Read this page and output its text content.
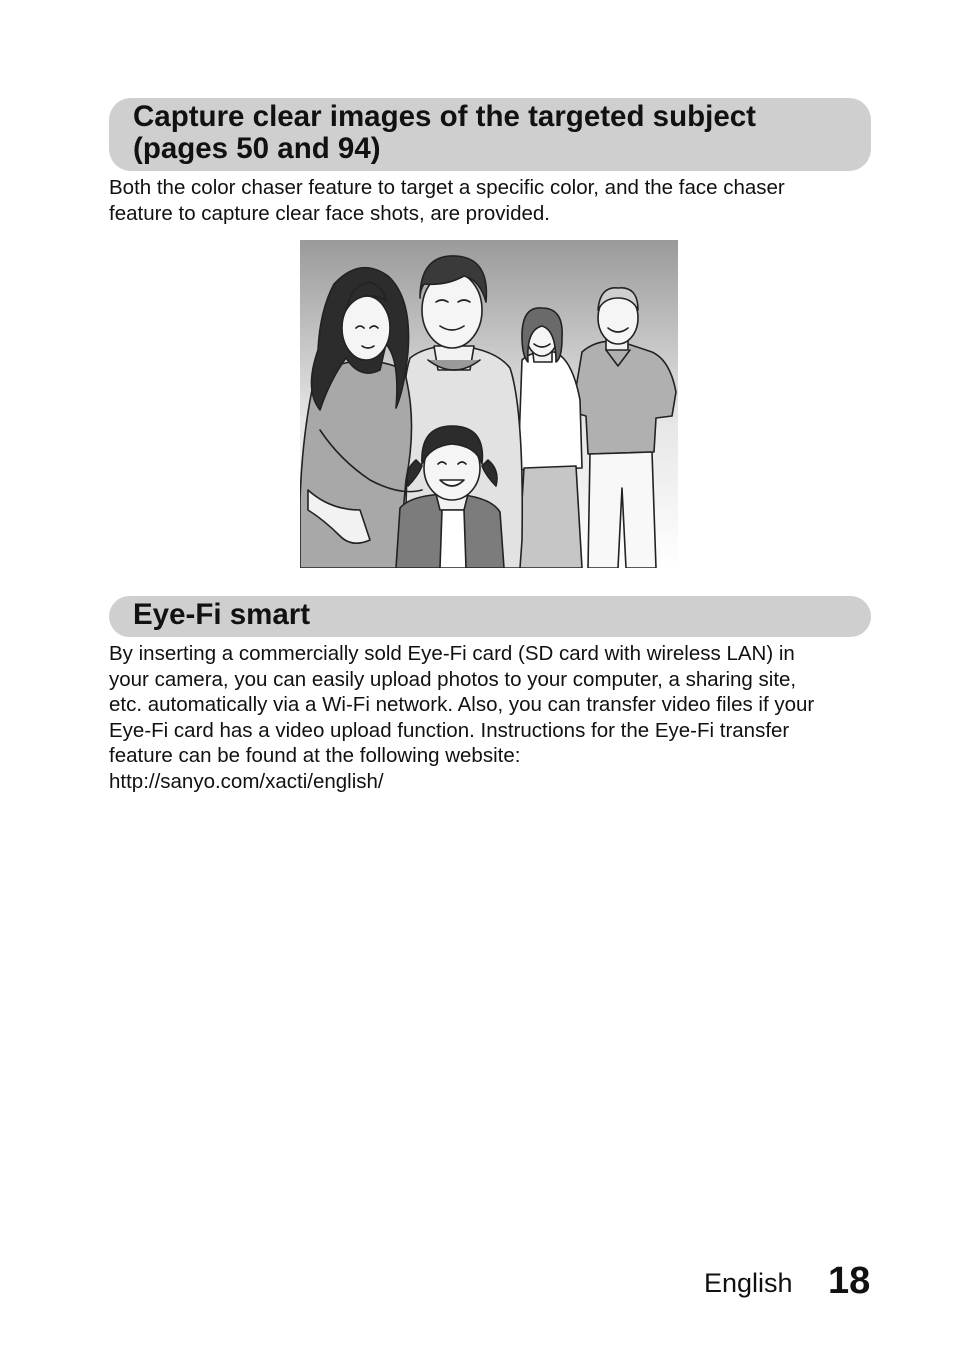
Capture clear images of the targeted subject
(pages 50 and 94)
Both the color chaser feature to target a specific color, and the face chaser
feature to capture clear face shots, are provided.
Eye-Fi smart
By inserting a commercially sold Eye-Fi card (SD card with wireless LAN) in
your camera, you can easily upload photos to your computer, a sharing site,
etc. automatically via a Wi-Fi network. Also, you can transfer video files if your
Eye-Fi card has a video upload function. Instructions for the Eye-Fi transfer
feature can be found at the following website:
http://sanyo.com/xacti/english/
English 18
